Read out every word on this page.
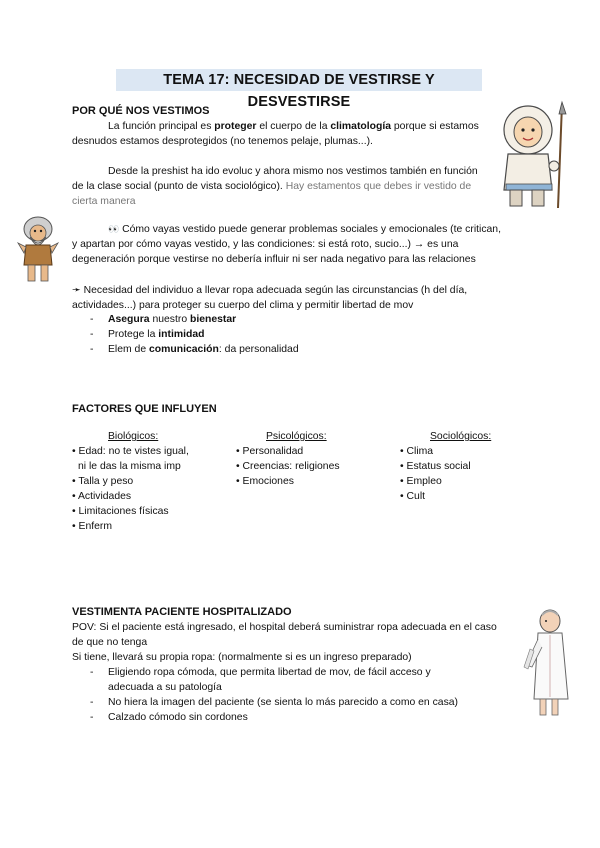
TEMA 17: NECESIDAD DE VESTIRSE Y DESVESTIRSE
POR QUÉ NOS VESTIMOS
La función principal es proteger el cuerpo de la climatología porque si estamos desnudos estamos desprotegidos (no tenemos pelaje, plumas...).
Desde la preshist ha ido evoluc y ahora mismo nos vestimos también en función de la clase social (punto de vista sociológico). Hay estamentos que debes ir vestido de cierta manera
👀 Cómo vayas vestido puede generar problemas sociales y emocionales (te critican, y apartan por cómo vayas vestido, y las condiciones: si está roto, sucio...) → es una degeneración porque vestirse no debería influir ni ser nada negativo para las relaciones
➛ Necesidad del individuo a llevar ropa adecuada según las circunstancias (h del día, actividades...) para proteger su cuerpo del clima y permitir libertad de mov
- Asegura nuestro bienestar
- Protege la intimidad
- Elem de comunicación: da personalidad
FACTORES QUE INFLUYEN
Biológicos:	Psicológicos:	Sociológicos:
• Edad: no te vistes igual,
ni le das la misma imp
• Talla y peso
• Actividades
• Limitaciones físicas
• Enferm
• Personalidad
• Creencias: religiones
• Emociones
• Clima
• Estatus social
• Empleo
• Cult
VESTIMENTA PACIENTE HOSPITALIZADO
POV: Si el paciente está ingresado, el hospital deberá suministrar ropa adecuada en el caso de que no tenga
Si tiene, llevará su propia ropa: (normalmente si es un ingreso preparado)
- Eligiendo ropa cómoda, que permita libertad de mov, de fácil acceso y
adecuada a su patología
- No hiera la imagen del paciente (se sienta lo más parecido a como en casa)
- Calzado cómodo sin cordones
